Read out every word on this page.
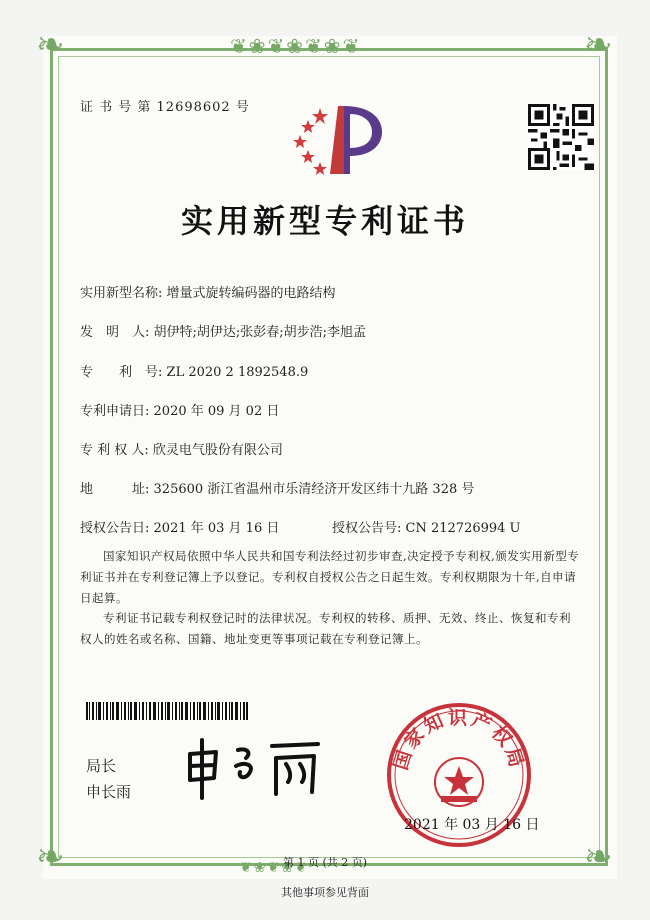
❦❀❦❀❦❀❦
❦❀❦❀❦
❧	❧
❧	❧
证 书 号 第 12698602 号
实用新型专利证书
实用新型名称: 增量式旋转编码器的电路结构
发　明　人: 胡伊特;胡伊达;张彭春;胡步浩;李旭孟
专　　利　号: ZL 2020 2 1892548.9
专利申请日: 2020 年 09 月 02 日
专 利 权 人: 欣灵电气股份有限公司
地　　　址: 325600 浙江省温州市乐清经济开发区纬十九路 328 号
授权公告日: 2021 年 03 月 16 日	授权公告号: CN 212726994 U
国家知识产权局依照中华人民共和国专利法经过初步审查,决定授予专利权,颁发实用新型专利证书并在专利登记簿上予以登记。专利权自授权公告之日起生效。专利权期限为十年,自申请日起算。
专利证书记载专利权登记时的法律状况。专利权的转移、质押、无效、终止、恢复和专利权人的姓名或名称、国籍、地址变更等事项记载在专利登记簿上。
局长
申长雨
国家知识产权局
2021 年 03 月 16 日
第 1 页 (共 2 页)
其他事项参见背面
